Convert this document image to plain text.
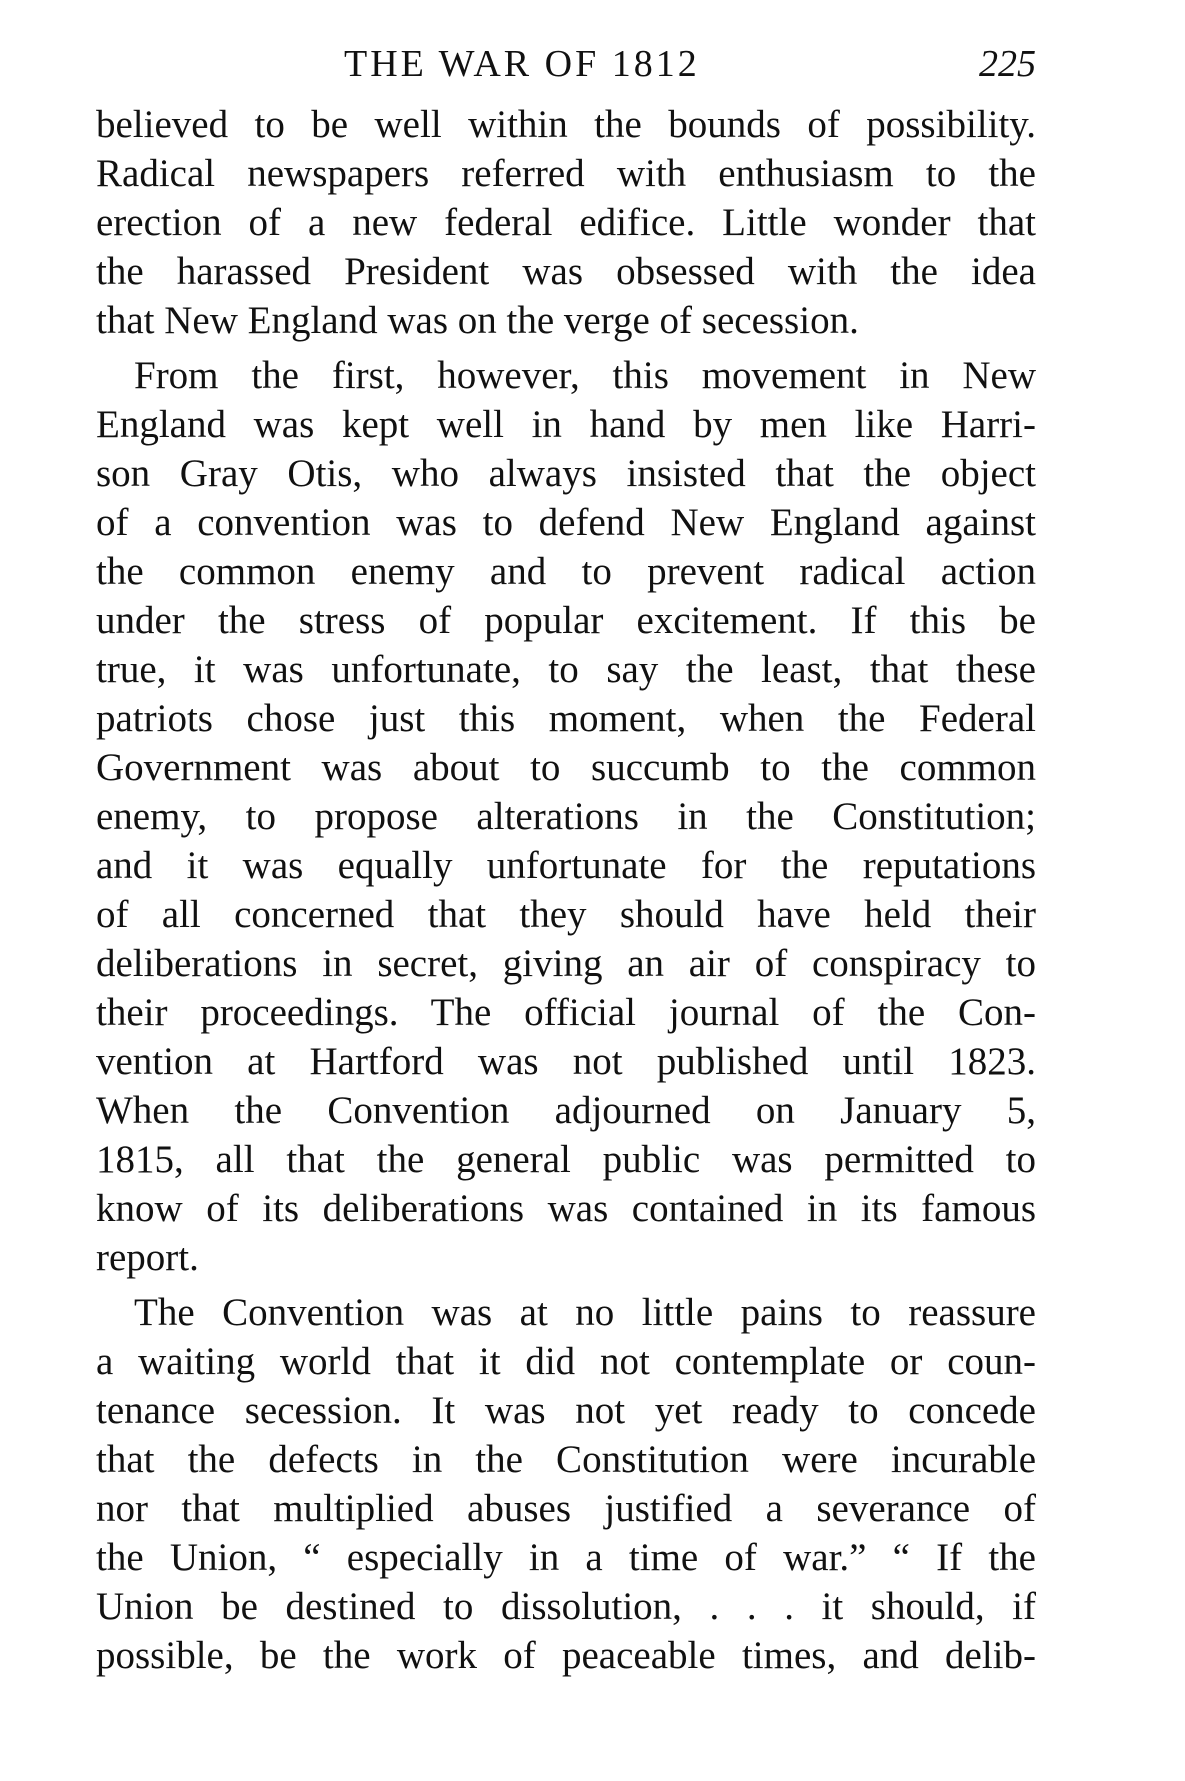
THE WAR OF 1812	225
believed to be well within the bounds of possibility.
Radical newspapers referred with enthusiasm to the
erection of a new federal edifice. Little wonder that
the harassed President was obsessed with the idea
that New England was on the verge of secession.
From the first, however, this movement in New
England was kept well in hand by men like Harri-
son Gray Otis, who always insisted that the object
of a convention was to defend New England against
the common enemy and to prevent radical action
under the stress of popular excitement. If this be
true, it was unfortunate, to say the least, that these
patriots chose just this moment, when the Federal
Government was about to succumb to the common
enemy, to propose alterations in the Constitution;
and it was equally unfortunate for the reputations
of all concerned that they should have held their
deliberations in secret, giving an air of conspiracy to
their proceedings. The official journal of the Con-
vention at Hartford was not published until 1823.
When the Convention adjourned on January 5,
1815, all that the general public was permitted to
know of its deliberations was contained in its famous
report.
The Convention was at no little pains to reassure
a waiting world that it did not contemplate or coun-
tenance secession. It was not yet ready to concede
that the defects in the Constitution were incurable
nor that multiplied abuses justified a severance of
the Union, “ especially in a time of war.” “ If the
Union be destined to dissolution, . . . it should, if
possible, be the work of peaceable times, and delib-
